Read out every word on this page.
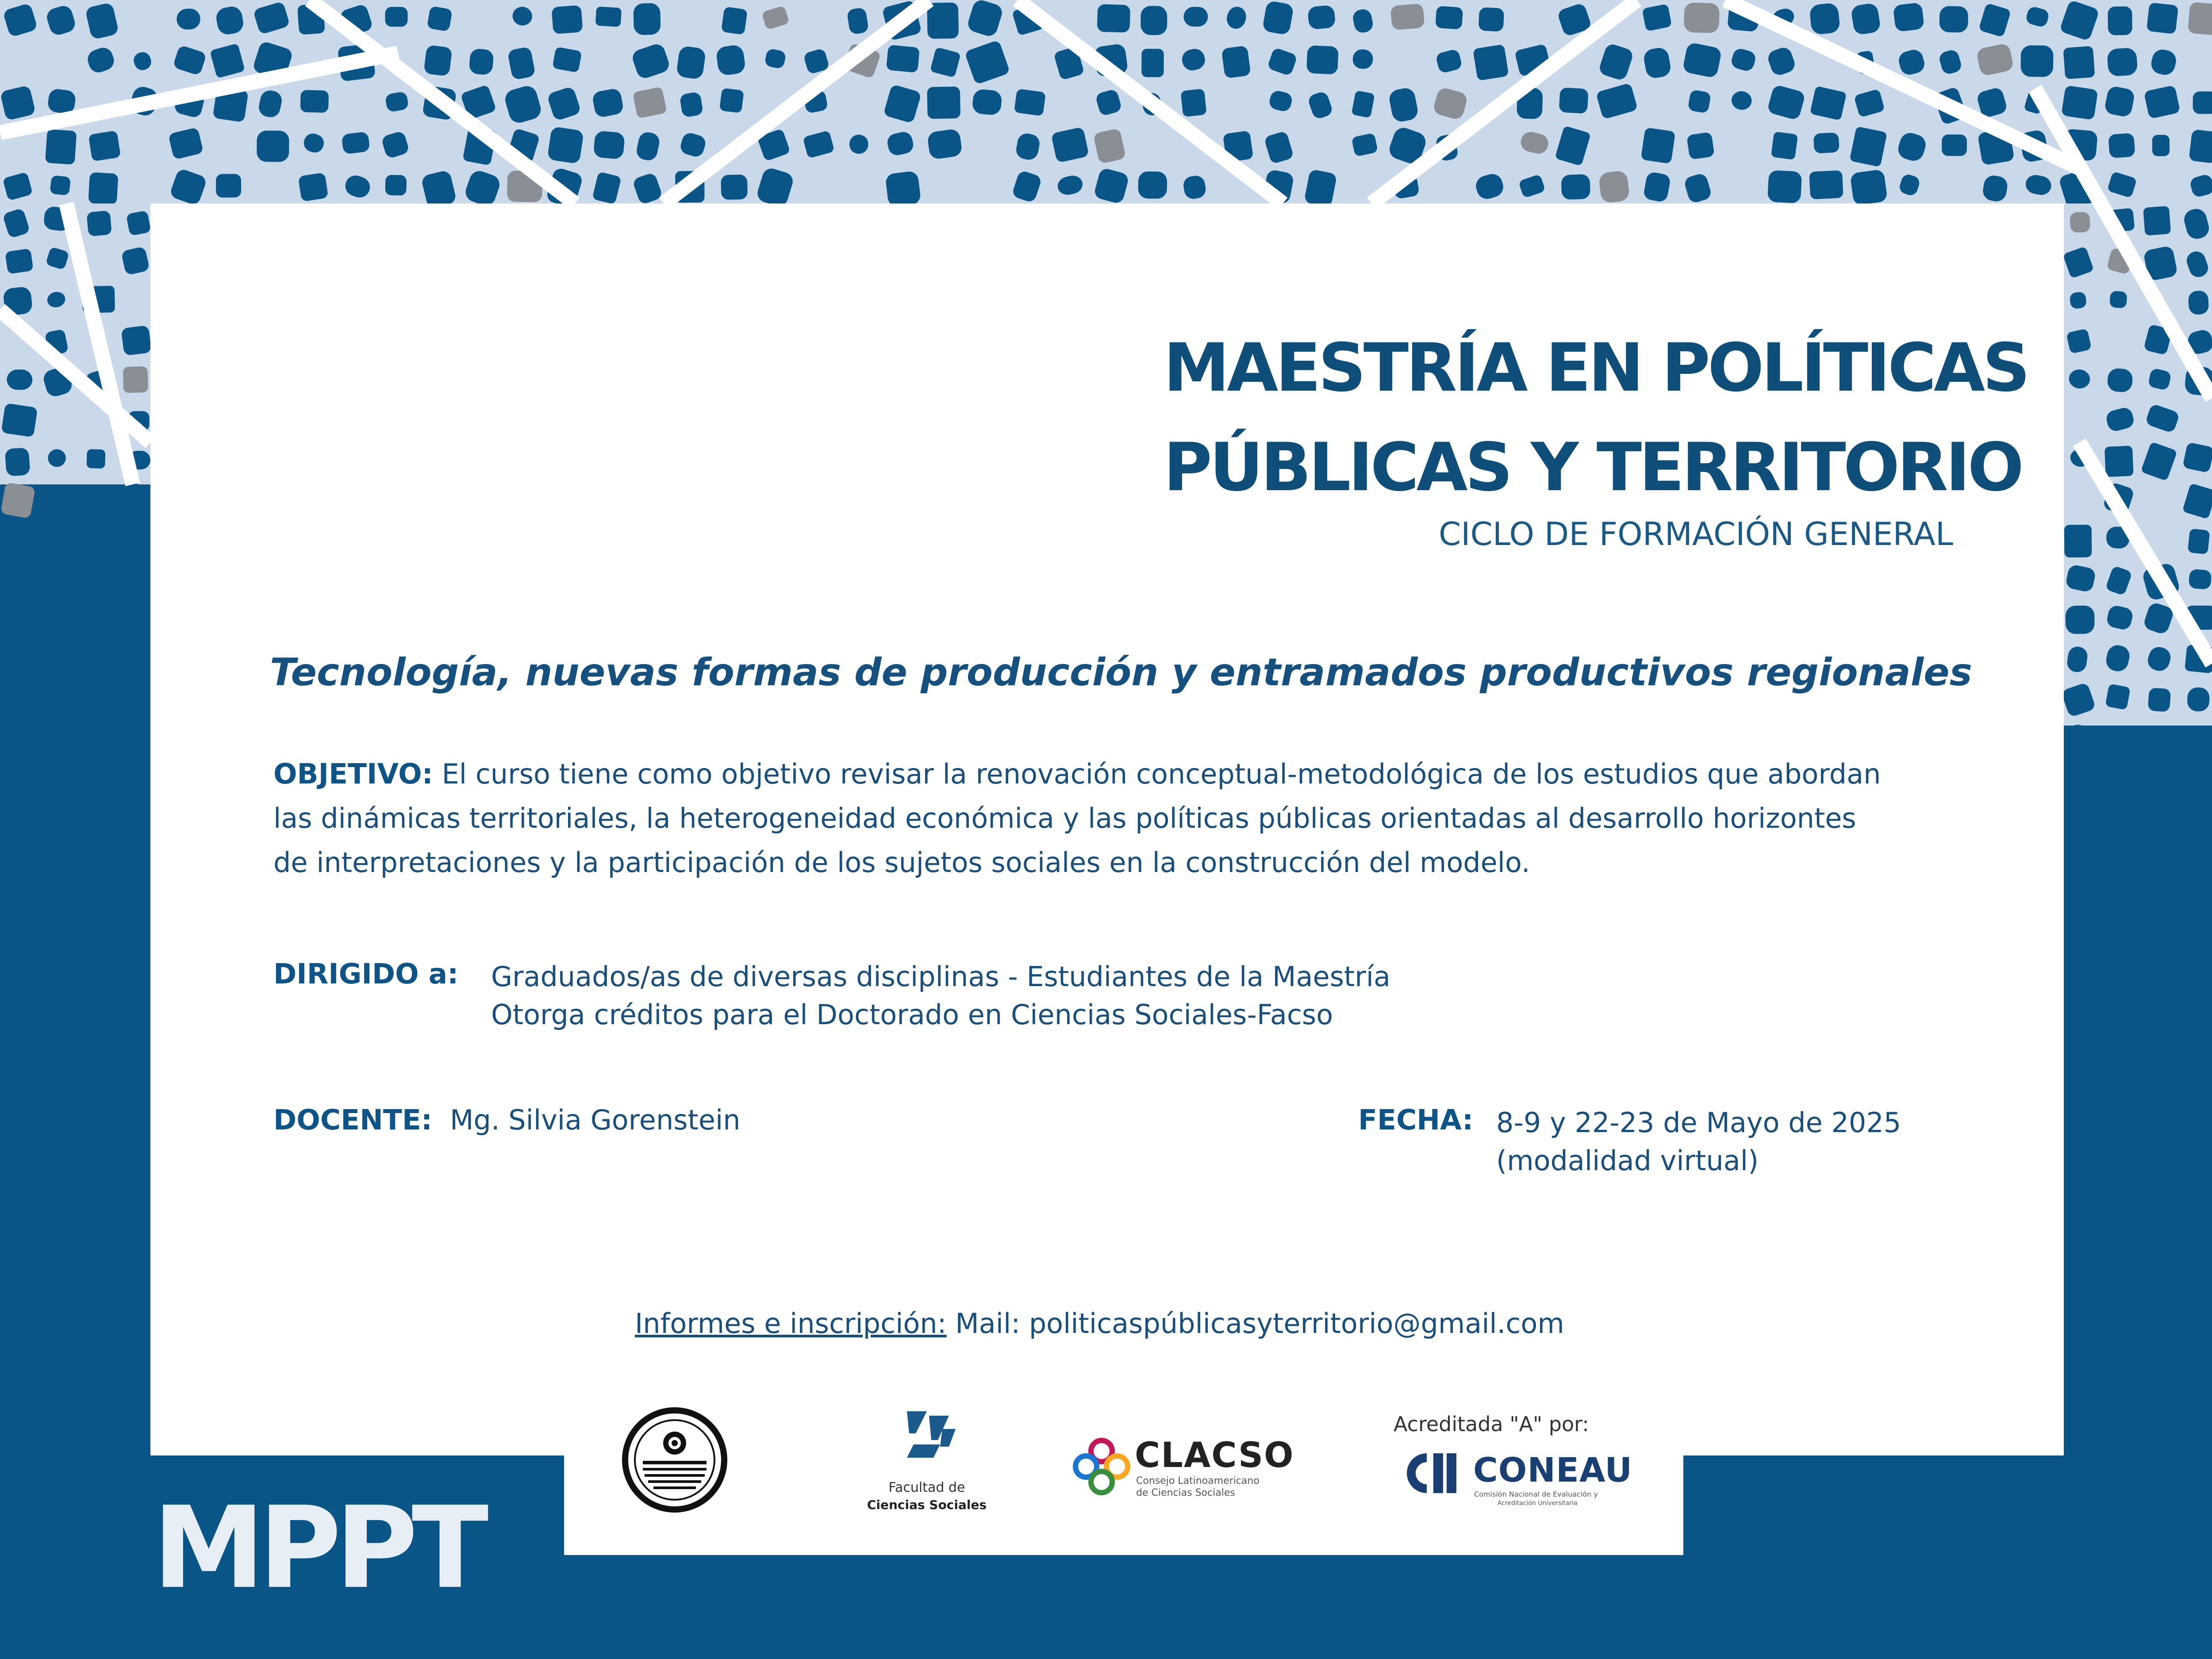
MAESTRÍA EN POLÍTICAS
PÚBLICAS Y TERRITORIO
CICLO DE FORMACIÓN GENERAL
Tecnología, nuevas formas de producción y entramados productivos regionales
OBJETIVO: El curso tiene como objetivo revisar la renovación conceptual-metodológica de los estudios que abordan
las dinámicas territoriales, la heterogeneidad económica y las políticas públicas orientadas al desarrollo horizontes
de interpretaciones y la participación de los sujetos sociales en la construcción del modelo.
DIRIGIDO a: Graduados/as de diversas disciplinas - Estudiantes de la Maestría
Otorga créditos para el Doctorado en Ciencias Sociales-Facso
DOCENTE: Mg. Silvia Gorenstein	FECHA: 8-9 y 22-23 de Mayo de 2025
(modalidad virtual)
Informes e inscripción: Mail: politicaspúblicasyterritorio@gmail.com
Facultad de
Ciencias Sociales
CLACSO
Consejo Latinoamericano
de Ciencias Sociales
Acreditada "A" por:
CONEAU
Comisión Nacional de Evaluación y
Acreditación Universitaria
MPPT
